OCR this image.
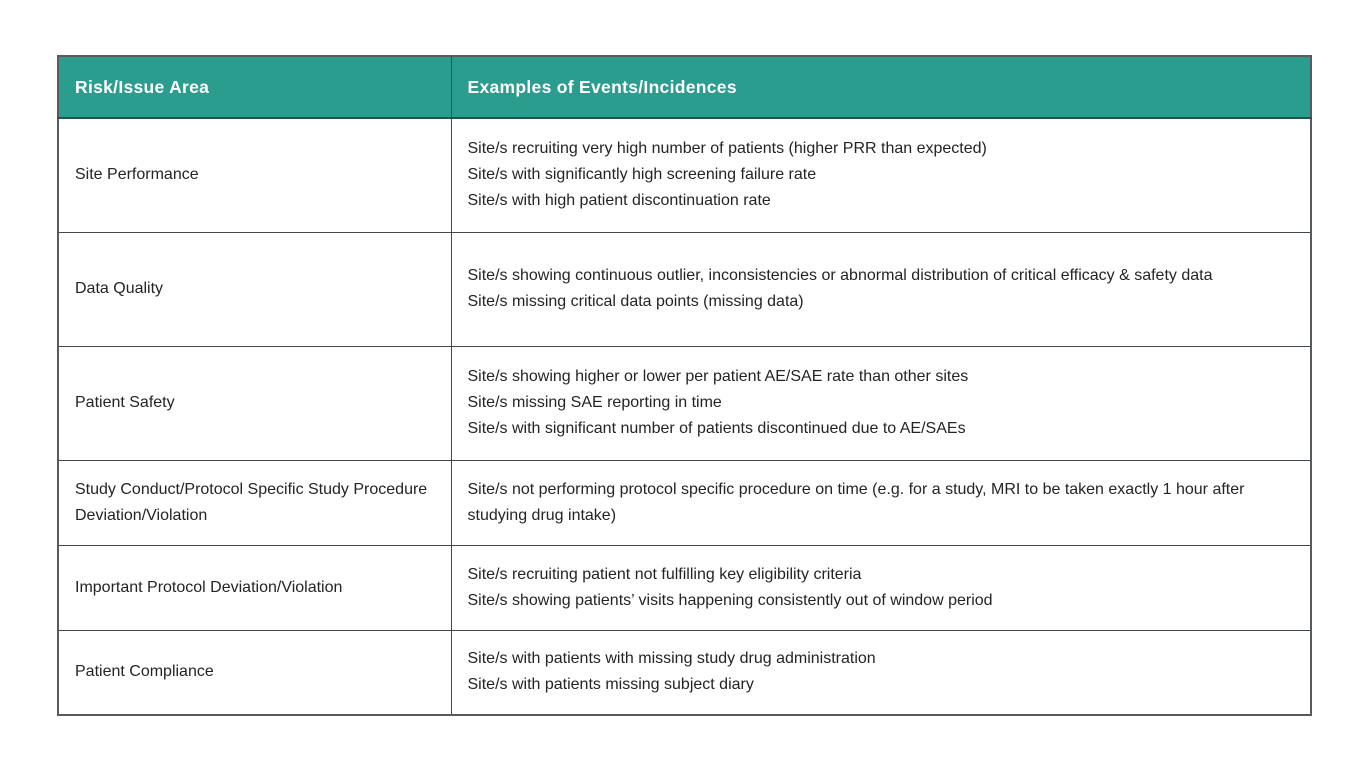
Risk/Issue Area	Examples of Events/Incidences
Site Performance	Site/s recruiting very high number of patients (higher PRR than expected)
Site/s with significantly high screening failure rate
Site/s with high patient discontinuation rate

Data Quality	Site/s showing continuous outlier, inconsistencies or abnormal distribution of critical efficacy & safety data
Site/s missing critical data points (missing data)

Patient Safety	Site/s showing higher or lower per patient AE/SAE rate than other sites
Site/s missing SAE reporting in time
Site/s with significant number of patients discontinued due to AE/SAEs

Study Conduct/Protocol Specific Study Procedure Deviation/Violation	Site/s not performing protocol specific procedure on time (e.g. for a study, MRI to be taken exactly 1 hour after studying drug intake)

Important Protocol Deviation/Violation	Site/s recruiting patient not fulfilling key eligibility criteria
Site/s showing patients’ visits happening consistently out of window period

Patient Compliance	Site/s with patients with missing study drug administration
Site/s with patients missing subject diary
